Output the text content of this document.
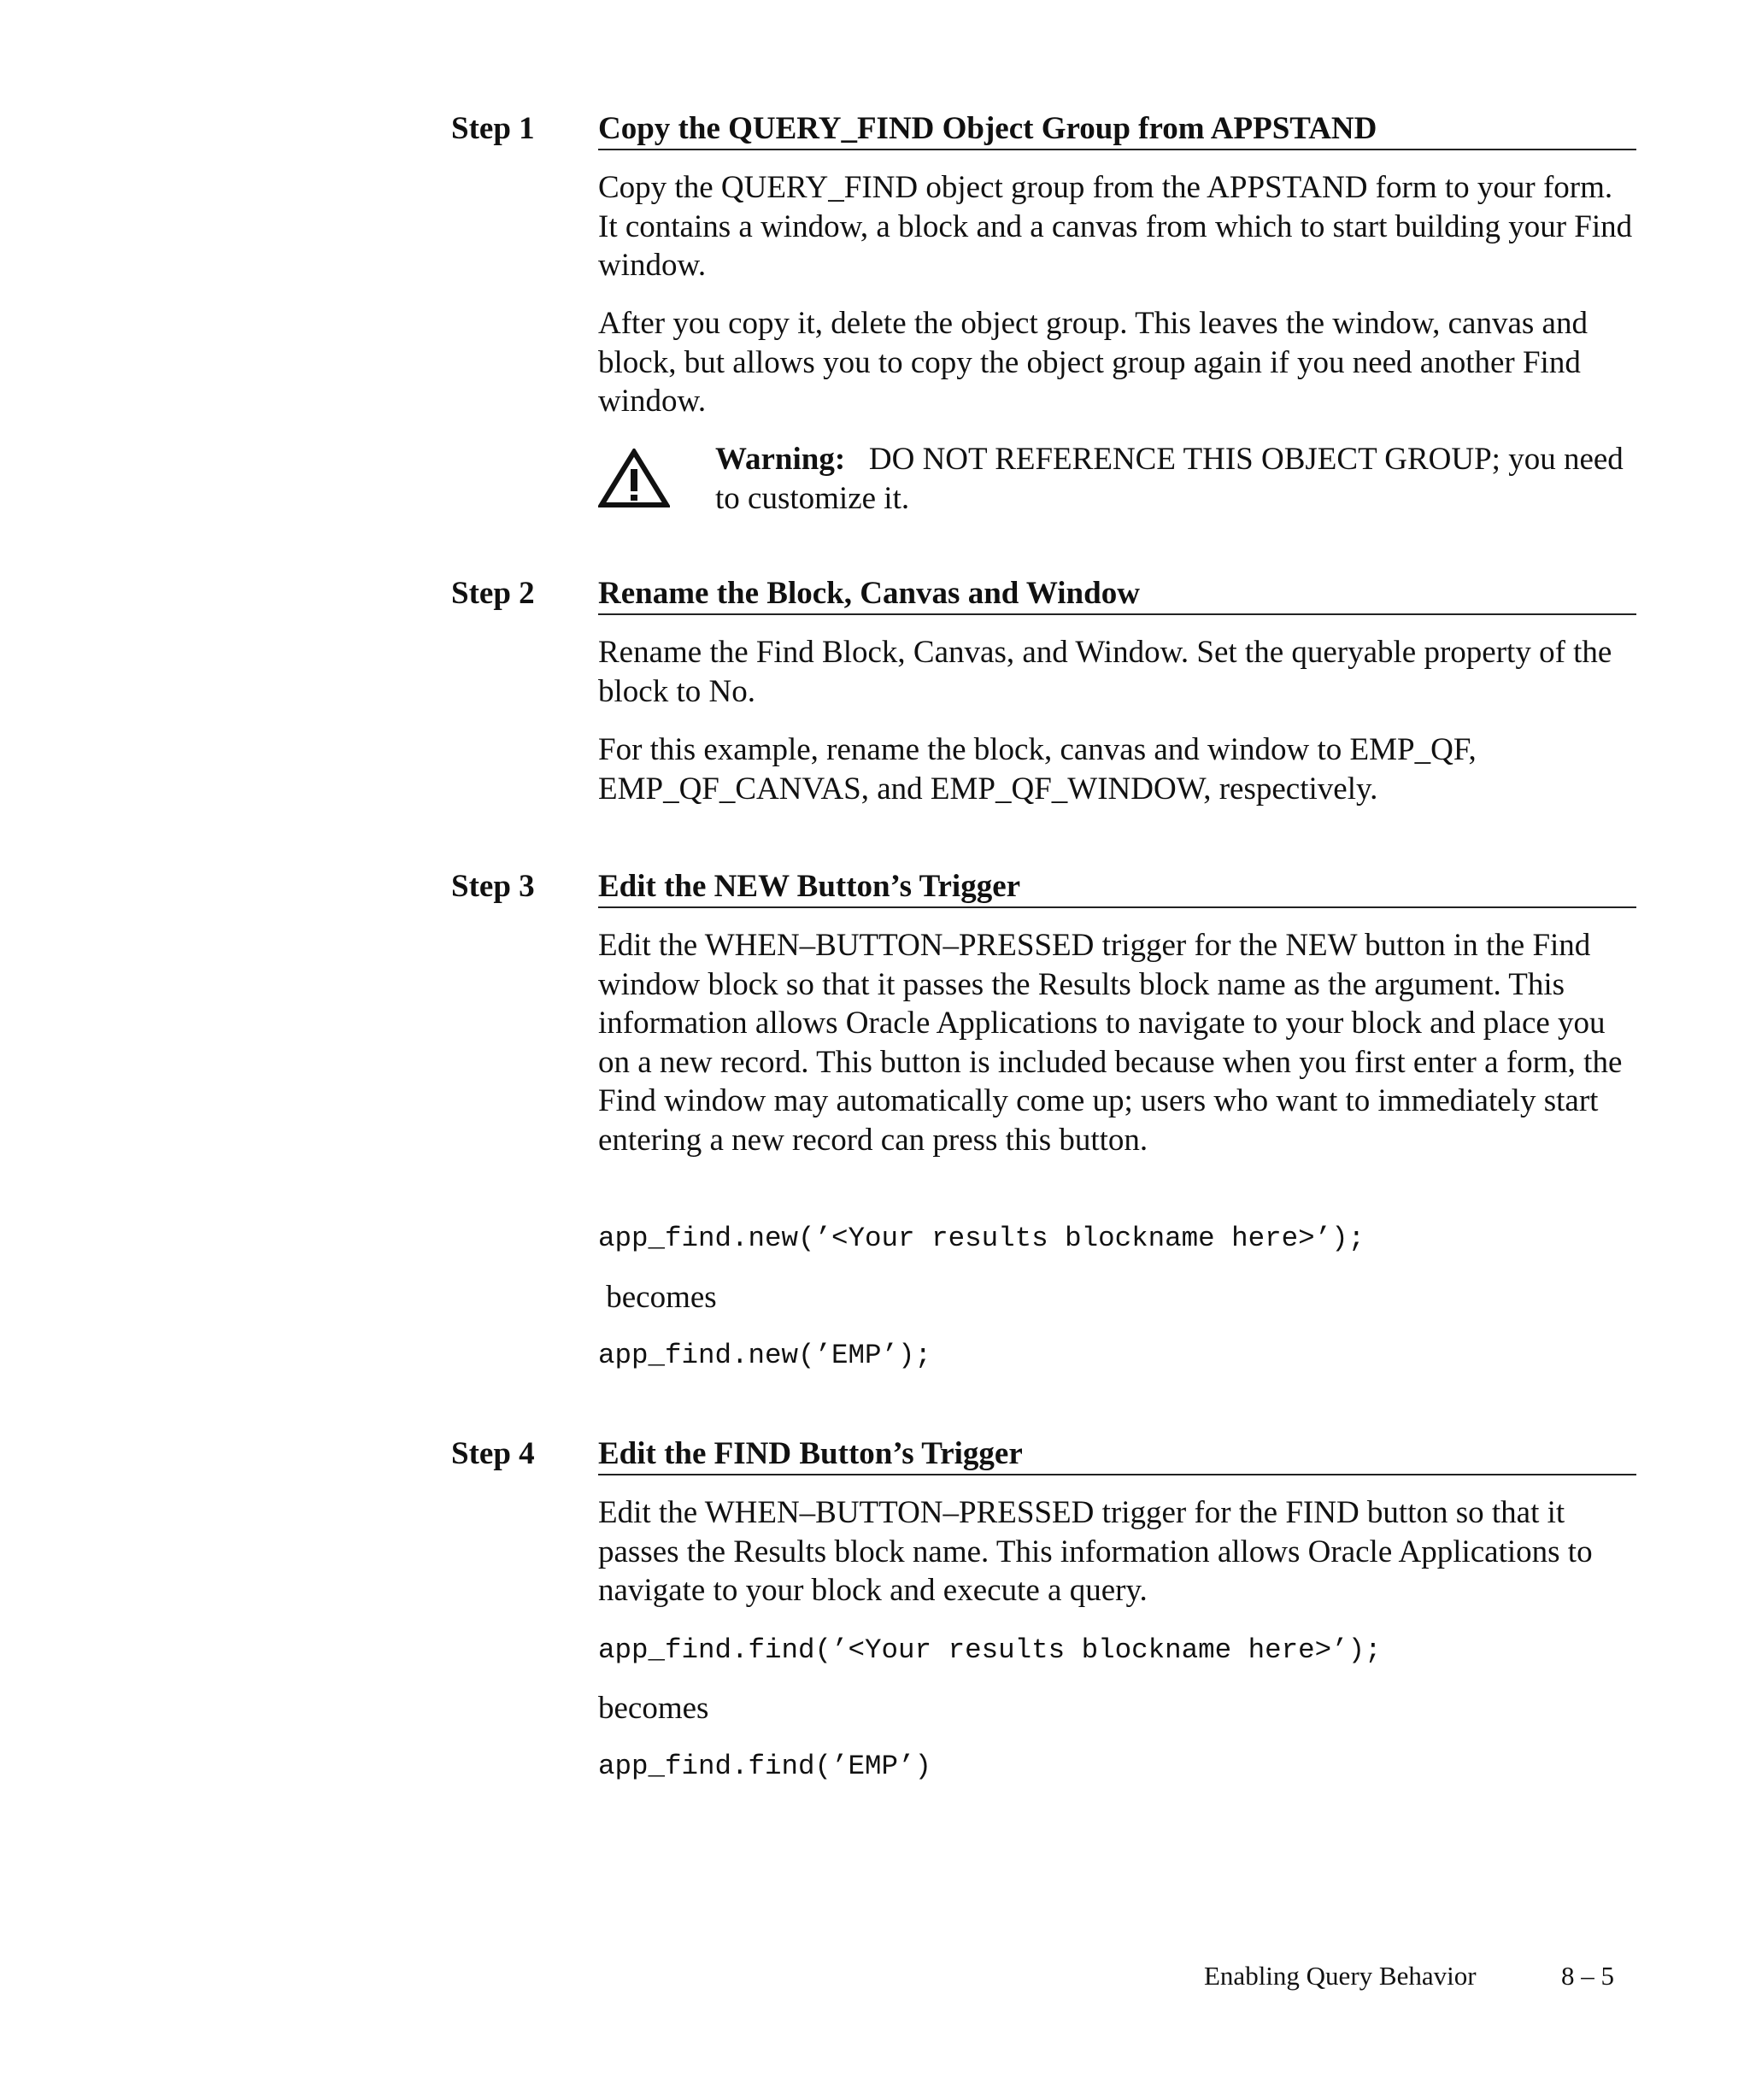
Step 1 Copy the QUERY_FIND Object Group from APPSTAND
Copy the QUERY_FIND object group from the APPSTAND form to your form. It contains a window, a block and a canvas from which to start building your Find window.
After you copy it, delete the object group. This leaves the window, canvas and block, but allows you to copy the object group again if you need another Find window.
Warning: DO NOT REFERENCE THIS OBJECT GROUP; you need to customize it.
Step 2 Rename the Block, Canvas and Window
Rename the Find Block, Canvas, and Window. Set the queryable property of the block to No.
For this example, rename the block, canvas and window to EMP_QF, EMP_QF_CANVAS, and EMP_QF_WINDOW, respectively.
Step 3 Edit the NEW Button’s Trigger
Edit the WHEN–BUTTON–PRESSED trigger for the NEW button in the Find window block so that it passes the Results block name as the argument. This information allows Oracle Applications to navigate to your block and place you on a new record. This button is included because when you first enter a form, the Find window may automatically come up; users who want to immediately start entering a new record can press this button.
app_find.new(’<Your results blockname here>’);
becomes
app_find.new(’EMP’);
Step 4 Edit the FIND Button’s Trigger
Edit the WHEN–BUTTON–PRESSED trigger for the FIND button so that it passes the Results block name. This information allows Oracle Applications to navigate to your block and execute a query.
app_find.find(’<Your results blockname here>’);
becomes
app_find.find(’EMP’)
Enabling Query Behavior	8 – 5
